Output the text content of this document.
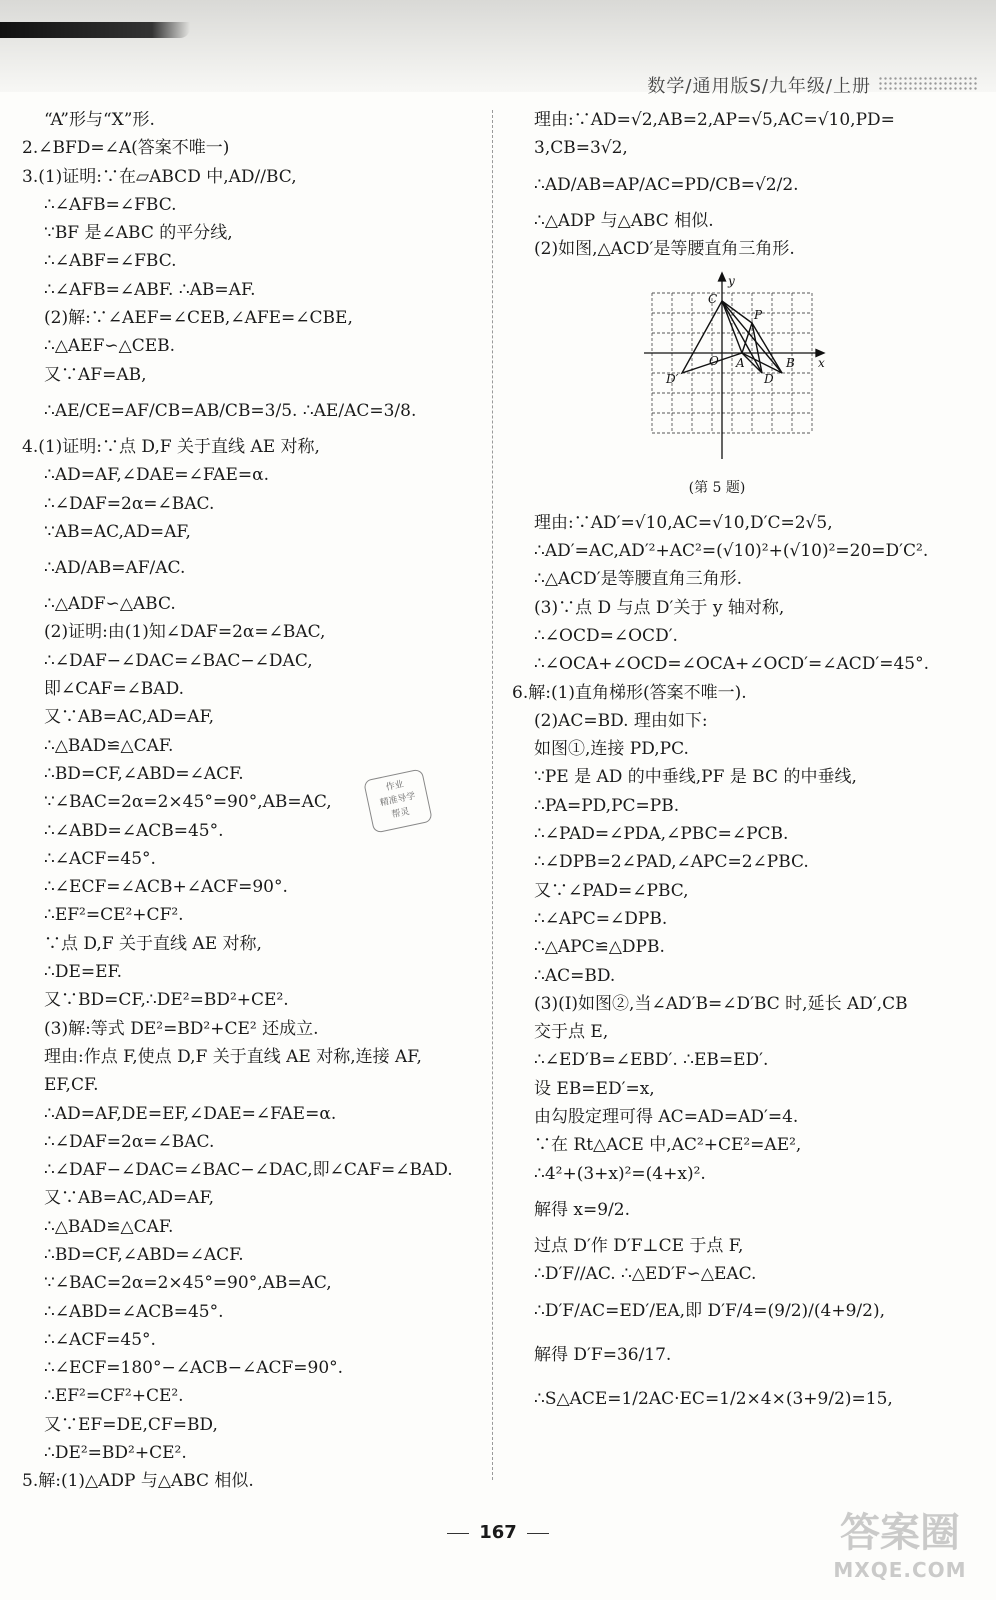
数学/通用版S/九年级/上册
“A”形与“X”形.
2.∠BFD=∠A(答案不唯一)
3.(1)证明:∵在▱ABCD 中,AD//BC,
∴∠AFB=∠FBC.
∵BF 是∠ABC 的平分线,
∴∠ABF=∠FBC.
∴∠AFB=∠ABF. ∴AB=AF.
(2)解:∵∠AEF=∠CEB,∠AFE=∠CBE,
∴△AEF∽△CEB.
又∵AF=AB,
∴AE/CE=AF/CB=AB/CB=3/5. ∴AE/AC=3/8.
4.(1)证明:∵点 D,F 关于直线 AE 对称,
∴AD=AF,∠DAE=∠FAE=α.
∴∠DAF=2α=∠BAC.
∵AB=AC,AD=AF,
∴AD/AB=AF/AC.
∴△ADF∽△ABC.
(2)证明:由(1)知∠DAF=2α=∠BAC,
∴∠DAF−∠DAC=∠BAC−∠DAC,
即∠CAF=∠BAD.
又∵AB=AC,AD=AF,
∴△BAD≌△CAF.
∴BD=CF,∠ABD=∠ACF.
∵∠BAC=2α=2×45°=90°,AB=AC,
∴∠ABD=∠ACB=45°.
∴∠ACF=45°.
∴∠ECF=∠ACB+∠ACF=90°.
∴EF²=CE²+CF².
∵点 D,F 关于直线 AE 对称,
∴DE=EF.
又∵BD=CF,∴DE²=BD²+CE².
(3)解:等式 DE²=BD²+CE² 还成立.
理由:作点 F,使点 D,F 关于直线 AE 对称,连接 AF,
EF,CF.
∴AD=AF,DE=EF,∠DAE=∠FAE=α.
∴∠DAF=2α=∠BAC.
∴∠DAF−∠DAC=∠BAC−∠DAC,即∠CAF=∠BAD.
又∵AB=AC,AD=AF,
∴△BAD≌△CAF.
∴BD=CF,∠ABD=∠ACF.
∵∠BAC=2α=2×45°=90°,AB=AC,
∴∠ABD=∠ACB=45°.
∴∠ACF=45°.
∴∠ECF=180°−∠ACB−∠ACF=90°.
∴EF²=CF²+CE².
又∵EF=DE,CF=BD,
∴DE²=BD²+CE².
5.解:(1)△ADP 与△ABC 相似.
作业
精准导学
帮灵
理由:∵AD=√2,AB=2,AP=√5,AC=√10,PD=
3,CB=3√2,
∴AD/AB=AP/AC=PD/CB=√2/2.
∴△ADP 与△ABC 相似.
(2)如图,△ACD′是等腰直角三角形.
y
x
C
P
O A	B
D′	D
(第 5 题)
理由:∵AD′=√10,AC=√10,D′C=2√5,
∴AD′=AC,AD′²+AC²=(√10)²+(√10)²=20=D′C².
∴△ACD′是等腰直角三角形.
(3)∵点 D 与点 D′关于 y 轴对称,
∴∠OCD=∠OCD′.
∴∠OCA+∠OCD=∠OCA+∠OCD′=∠ACD′=45°.
6.解:(1)直角梯形(答案不唯一).
(2)AC=BD. 理由如下:
如图①,连接 PD,PC.
∵PE 是 AD 的中垂线,PF 是 BC 的中垂线,
∴PA=PD,PC=PB.
∴∠PAD=∠PDA,∠PBC=∠PCB.
∴∠DPB=2∠PAD,∠APC=2∠PBC.
又∵∠PAD=∠PBC,
∴∠APC=∠DPB.
∴△APC≌△DPB.
∴AC=BD.
(3)(Ⅰ)如图②,当∠AD′B=∠D′BC 时,延长 AD′,CB
交于点 E,
∴∠ED′B=∠EBD′. ∴EB=ED′.
设 EB=ED′=x,
由勾股定理可得 AC=AD=AD′=4.
∵在 Rt△ACE 中,AC²+CE²=AE²,
∴4²+(3+x)²=(4+x)².
解得 x=9/2.
过点 D′作 D′F⊥CE 于点 F,
∴D′F//AC. ∴△ED′F∽△EAC.
∴D′F/AC=ED′/EA,即 D′F/4=(9/2)/(4+9/2),
解得 D′F=36/17.
∴S△ACE=1/2AC·EC=1/2×4×(3+9/2)=15,
167	答案圈
MXQE.COM
